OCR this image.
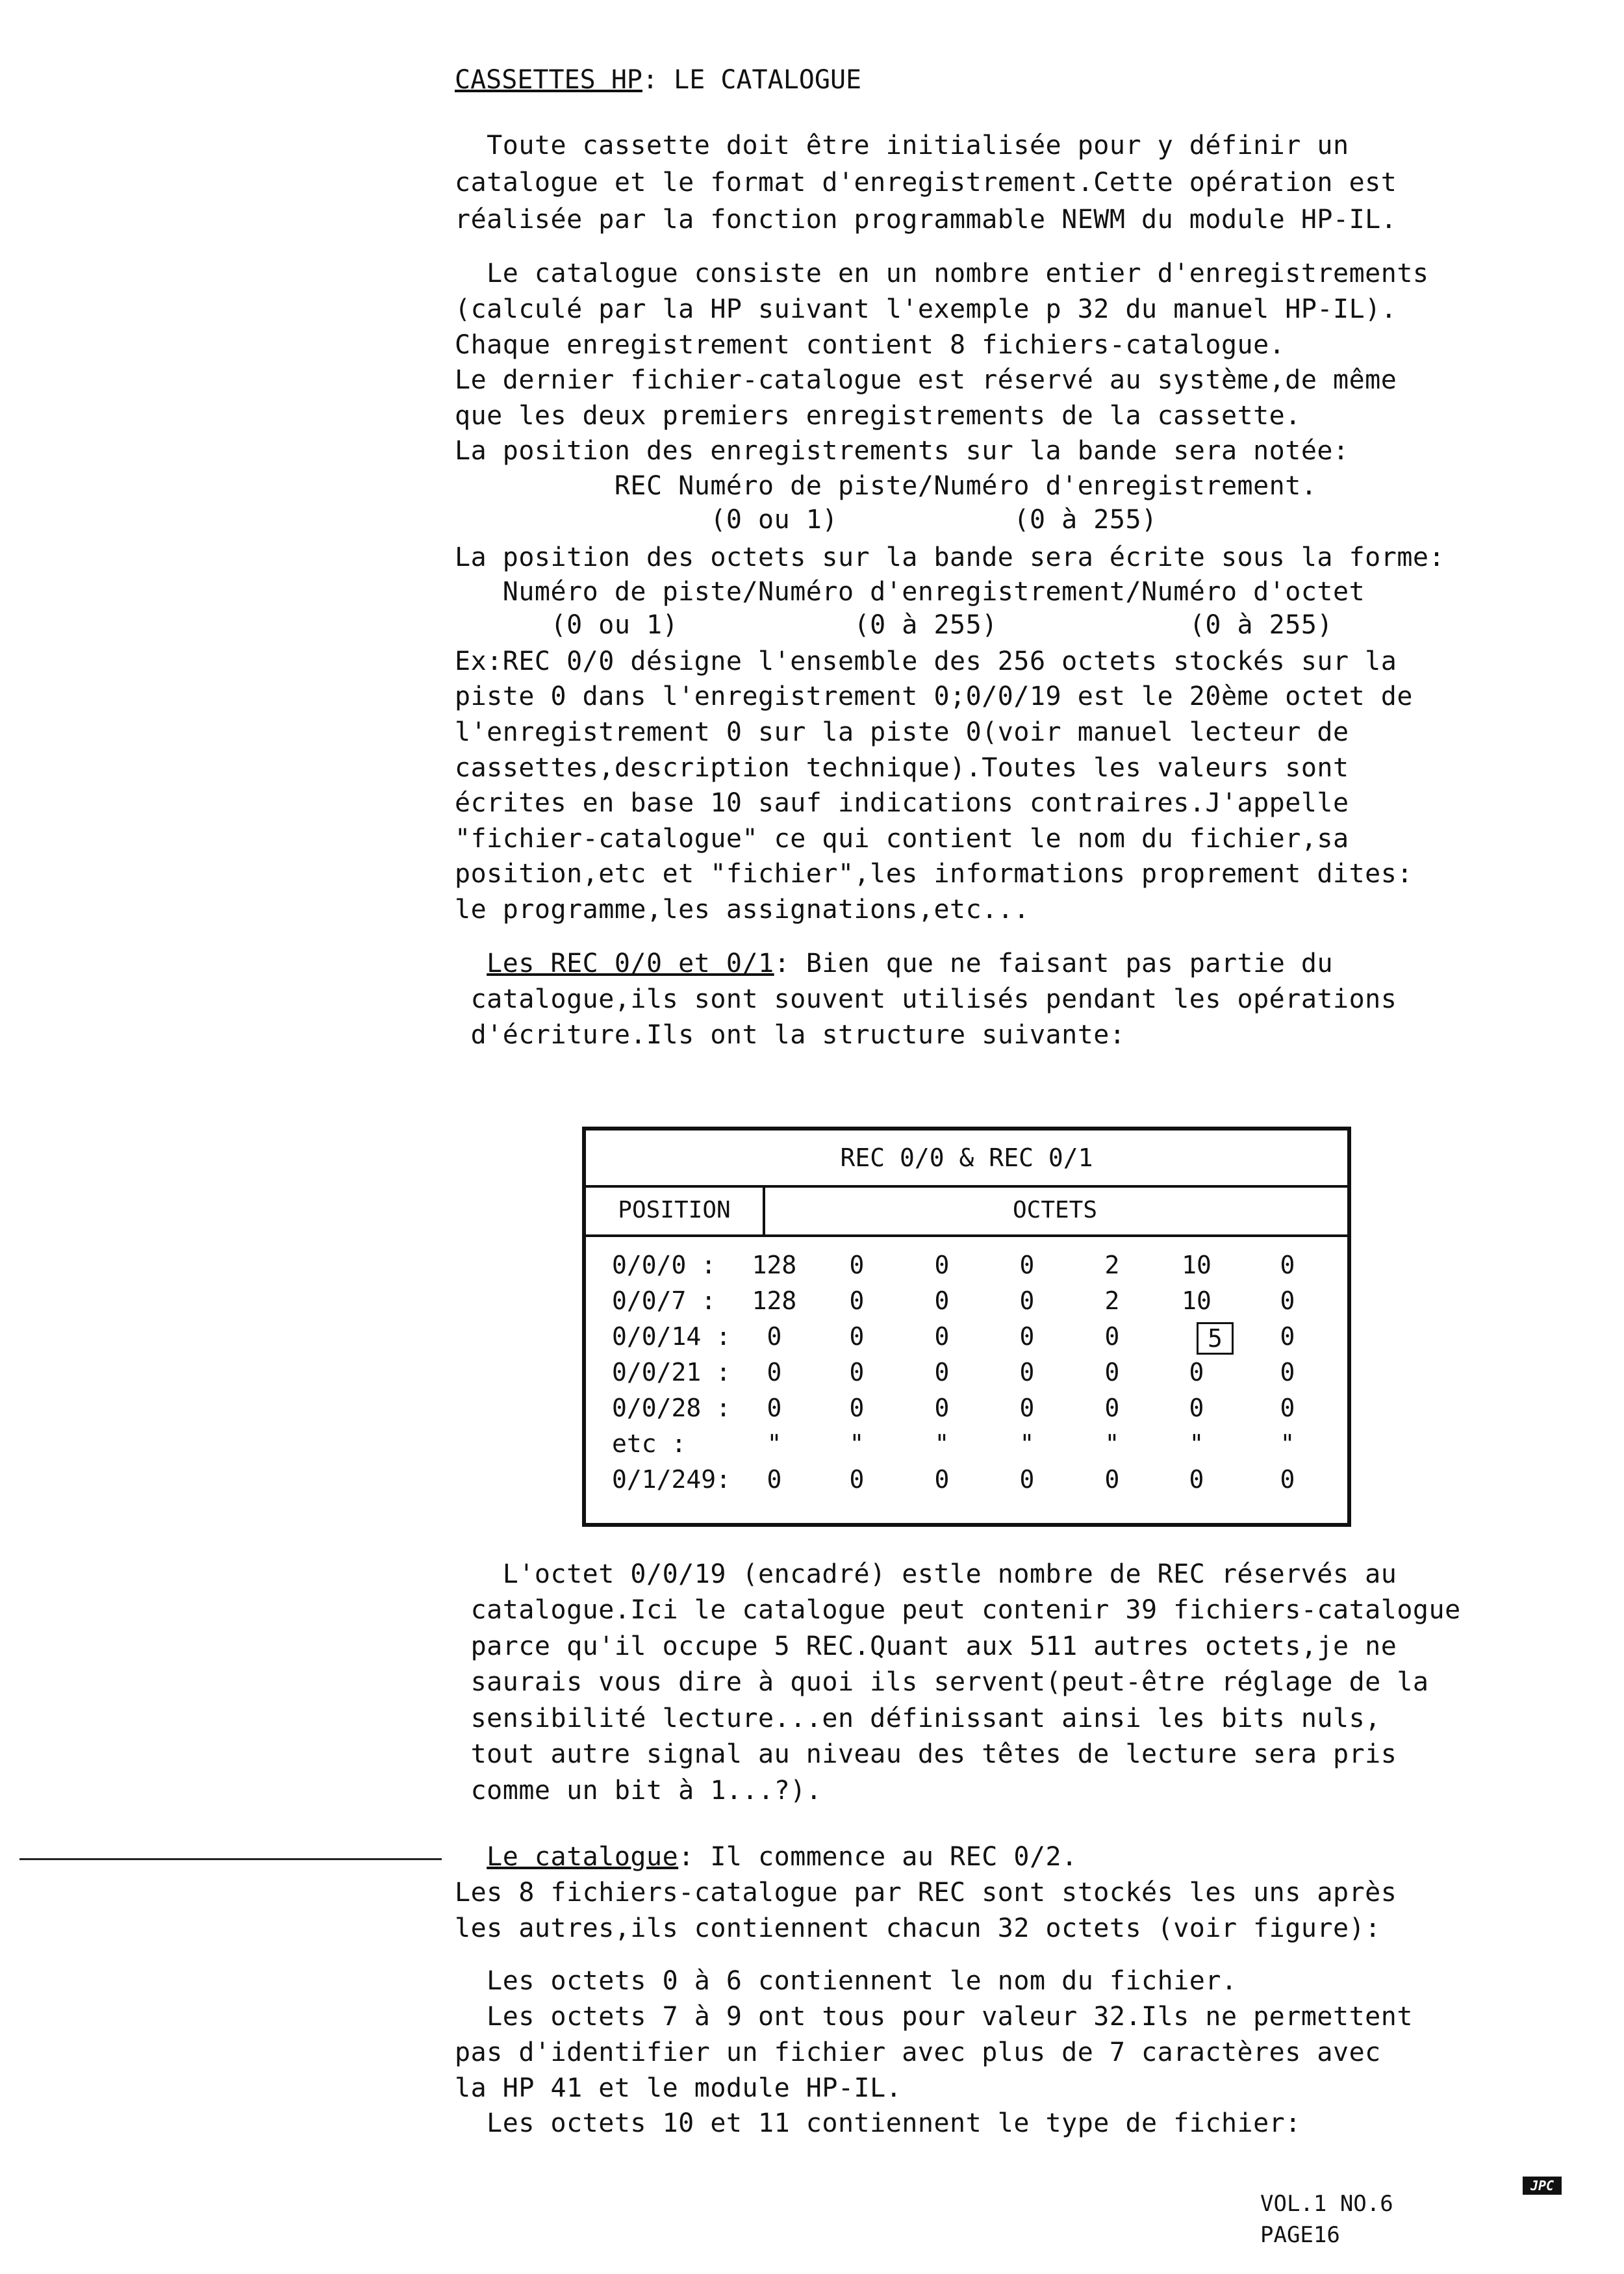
CASSETTES HP: LE CATALOGUE
Toute cassette doit être initialisée pour y définir un
catalogue et le format d'enregistrement.Cette opération est
réalisée par la fonction programmable NEWM du module HP-IL.
Le catalogue consiste en un nombre entier d'enregistrements
(calculé par la HP suivant l'exemple p 32 du manuel HP-IL).
Chaque enregistrement contient 8 fichiers-catalogue.
Le dernier fichier-catalogue est réservé au système,de même
que les deux premiers enregistrements de la cassette.
La position des enregistrements sur la bande sera notée:
REC Numéro de piste/Numéro d'enregistrement.
(0 ou 1)           (0 à 255)
La position des octets sur la bande sera écrite sous la forme:
Numéro de piste/Numéro d'enregistrement/Numéro d'octet
(0 ou 1)           (0 à 255)            (0 à 255)
Ex:REC 0/0 désigne l'ensemble des 256 octets stockés sur la
piste 0 dans l'enregistrement 0;0/0/19 est le 20ème octet de
l'enregistrement 0 sur la piste 0(voir manuel lecteur de
cassettes,description technique).Toutes les valeurs sont
écrites en base 10 sauf indications contraires.J'appelle
"fichier-catalogue" ce qui contient le nom du fichier,sa
position,etc et "fichier",les informations proprement dites:
le programme,les assignations,etc...
Les REC 0/0 et 0/1: Bien que ne faisant pas partie du
catalogue,ils sont souvent utilisés pendant les opérations
d'écriture.Ils ont la structure suivante:
REC 0/0 & REC 0/1
POSITION	OCTETS
0/0/0 :	128	0	0	0	2	10	0
0/0/7 :	128	0	0	0	2	10	0
0/0/14 :	0	0	0	0	0	5	0
0/0/21 :	0	0	0	0	0	0	0
0/0/28 :	0	0	0	0	0	0	0
etc :	"	"	"	"	"	"	"
0/1/249:	0	0	0	0	0	0	0
L'octet 0/0/19 (encadré) estle nombre de REC réservés au
catalogue.Ici le catalogue peut contenir 39 fichiers-catalogue
parce qu'il occupe 5 REC.Quant aux 511 autres octets,je ne
saurais vous dire à quoi ils servent(peut-être réglage de la
sensibilité lecture...en définissant ainsi les bits nuls,
tout autre signal au niveau des têtes de lecture sera pris
comme un bit à 1...?).
Le catalogue: Il commence au REC 0/2.
Les 8 fichiers-catalogue par REC sont stockés les uns après
les autres,ils contiennent chacun 32 octets (voir figure):
Les octets 0 à 6 contiennent le nom du fichier.
Les octets 7 à 9 ont tous pour valeur 32.Ils ne permettent
pas d'identifier un fichier avec plus de 7 caractères avec
la HP 41 et le module HP-IL.
Les octets 10 et 11 contiennent le type de fichier:
JPC
VOL.1 NO.6
PAGE16
